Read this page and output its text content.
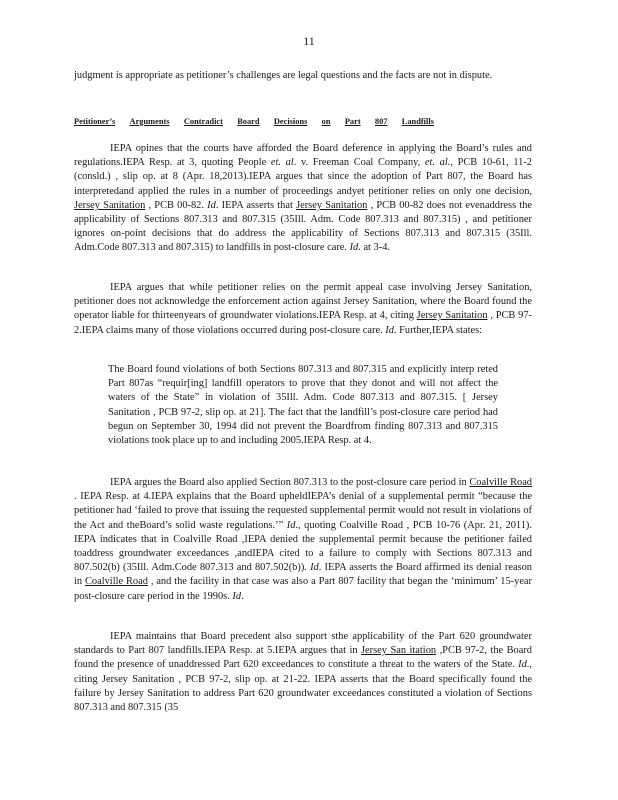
11

judgment is appropriate as petitioner’s challenges are legal questions and the facts are not in dispute.

Petitioner’s Arguments Contradict Board Decisions on Part 807 Landfills

IEPA opines that the courts have afforded the Board deference in applying the Board’s rules and regulations.IEPA Resp. at 3, quoting People et. al. v. Freeman Coal Company, et. al., PCB 10-61, 11-2 (consld.) , slip op. at 8 (Apr. 18,2013).IEPA argues that since the adoption of Part 807, the Board has interpretedand applied the rules in a number of proceedings andyet petitioner relies on only one decision, Jersey Sanitation , PCB 00-82. Id. IEPA asserts that Jersey Sanitation , PCB 00-82 does not evenaddress the applicability of Sections 807.313 and 807.315 (35Ill. Adm. Code 807.313 and 807.315) , and petitioner ignores on-point decisions that do address the applicability of Sections 807.313 and 807.315 (35Ill. Adm.Code 807.313 and 807.315) to landfills in post-closure care. Id. at 3-4.

IEPA argues that while petitioner relies on the permit appeal case involving Jersey Sanitation, petitioner does not acknowledge the enforcement action against Jersey Sanitation, where the Board found the operator liable for thirteenyears of groundwater violations.IEPA Resp. at 4, citing Jersey Sanitation , PCB 97-2.IEPA claims many of those violations occurred during post-closure care. Id. Further,IEPA states:

The Board found violations of both Sections 807.313 and 807.315 and explicitly interp reted Part 807as “requir[ing] landfill operators to prove that they donot and will not affect the waters of the State” in violation of 35Ill. Adm. Code 807.313 and 807.315. [ Jersey Sanitation , PCB 97-2, slip op. at 21]. The fact that the landfill’s post-closure care period had begun on September 30, 1994 did not prevent the Boardfrom finding 807.313 and 807.315 violations took place up to and including 2005.IEPA Resp. at 4.

IEPA argues the Board also applied Section 807.313 to the post-closure care period in Coalville Road . IEPA Resp. at 4.IEPA explains that the Board upheldIEPA’s denial of a supplemental permit “because the petitioner had ‘failed to prove that issuing the requested supplemental permit would not result in violations of the Act and theBoard’s solid waste regulations.’” Id., quoting Coalville Road , PCB 10-76 (Apr. 21, 2011). IEPA indicates that in Coalville Road ,IEPA denied the supplemental permit because the petitioner failed toaddress groundwater exceedances ,andIEPA cited to a failure to comply with Sections 807.313 and 807.502(b) (35Ill. Adm.Code 807.313 and 807.502(b)). Id. IEPA asserts the Board affirmed its denial reason in Coalville Road , and the facility in that case was also a Part 807 facility that began the ‘minimum’ 15-year post-closure care period in the 1990s. Id.

IEPA maintains that Board precedent also support sthe applicability of the Part 620 groundwater standards to Part 807 landfills.IEPA Resp. at 5.IEPA argues that in Jersey San itation ,PCB 97-2, the Board found the presence of unaddressed Part 620 exceedances to constitute a threat to the waters of the State. Id., citing Jersey Sanitation , PCB 97-2, slip op. at 21-22. IEPA asserts that the Board specifically found the failure by Jersey Sanitation to address Part 620 groundwater exceedances constituted a violation of Sections 807.313 and 807.315 (35
